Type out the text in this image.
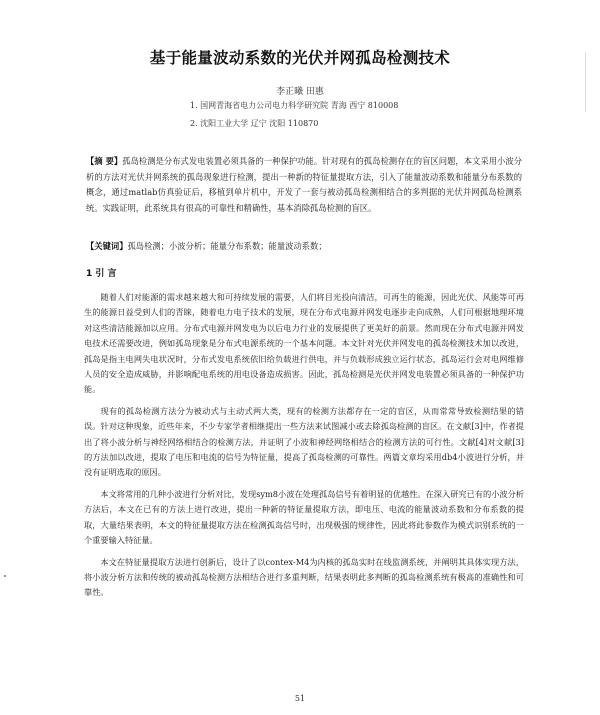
基于能量波动系数的光伏并网孤岛检测技术
李正曦 田惠
1. 国网青海省电力公司电力科学研究院 青海 西宁 810008
2. 沈阳工业大学 辽宁 沈阳 110870
【摘 要】孤岛检测是分布式发电装置必须具备的一种保护功能。针对现有的孤岛检测存在的盲区问题，本文采用小波分析的方法对光伏并网系统的孤岛现象进行检测，提出一种新的特征量提取方法，引入了能量波动系数和能量分布系数的概念，通过matlab仿真验证后，移植到单片机中，开发了一套与被动孤岛检测相结合的多判据的光伏并网孤岛检测系统。实践证明，此系统具有很高的可靠性和精确性，基本消除孤岛检测的盲区。
【关键词】孤岛检测；小波分析；能量分布系数；能量波动系数；
1 引 言

随着人们对能源的需求越来越大和可持续发展的需要，人们将目光投向清洁，可再生的能源，因此光伏、风能等可再生的能源日益受到人们的青睐，随着电力电子技术的发展，现在分布式电源并网发电逐步走向成熟，人们可根据地理环境对这些清洁能源加以应用。分布式电源并网发电为以后电力行业的发展提供了更美好的前景。然而现在分布式电源并网发电技术还需要改进，例如孤岛现象是分布式电源系统的一个基本问题。本文针对光伏并网发电的孤岛检测技术加以改进，孤岛是指主电网失电状况时，分布式发电系统依旧给负载进行供电，并与负载形成独立运行状态，孤岛运行会对电网维修人员的安全造成威胁，并影响配电系统的用电设备造成损害。因此，孤岛检测是光伏并网发电装置必须具备的一种保护功能。

现有的孤岛检测方法分为被动式与主动式两大类，现有的检测方法都存在一定的盲区，从而常常导致检测结果的错误。针对这种现象，近些年来，不少专家学者相继提出一些方法来试图减小或去除孤岛检测的盲区。在文献[3]中，作者提出了将小波分析与神经网络相结合的检测方法，并证明了小波和神经网络相结合的检测方法的可行性。文献[4]对文献[3]的方法加以改进，提取了电压和电流的信号为特征量，提高了孤岛检测的可靠性。两篇文章均采用db4小波进行分析，并没有证明选取的原因。

本文将常用的几种小波进行分析对比，发现sym8小波在处理孤岛信号有着明显的优越性。在深入研究已有的小波分析方法后，本文在已有的方法上进行改进，提出一种新的特征量提取方法，即电压、电流的能量波动系数和分布系数的提取，大量结果表明，本文的特征量提取方法在检测孤岛信号时，出现极强的规律性，因此将此参数作为模式识别系统的一个重要输入特征量。

本文在特征量提取方法进行创新后，设计了以contex-M4为内核的孤岛实时在线监测系统，并阐明其具体实现方法，将小波分析方法和传统的被动孤岛检测方法相结合进行多重判断，结果表明此多判断的孤岛检测系统有极高的准确性和可靠性。

51
